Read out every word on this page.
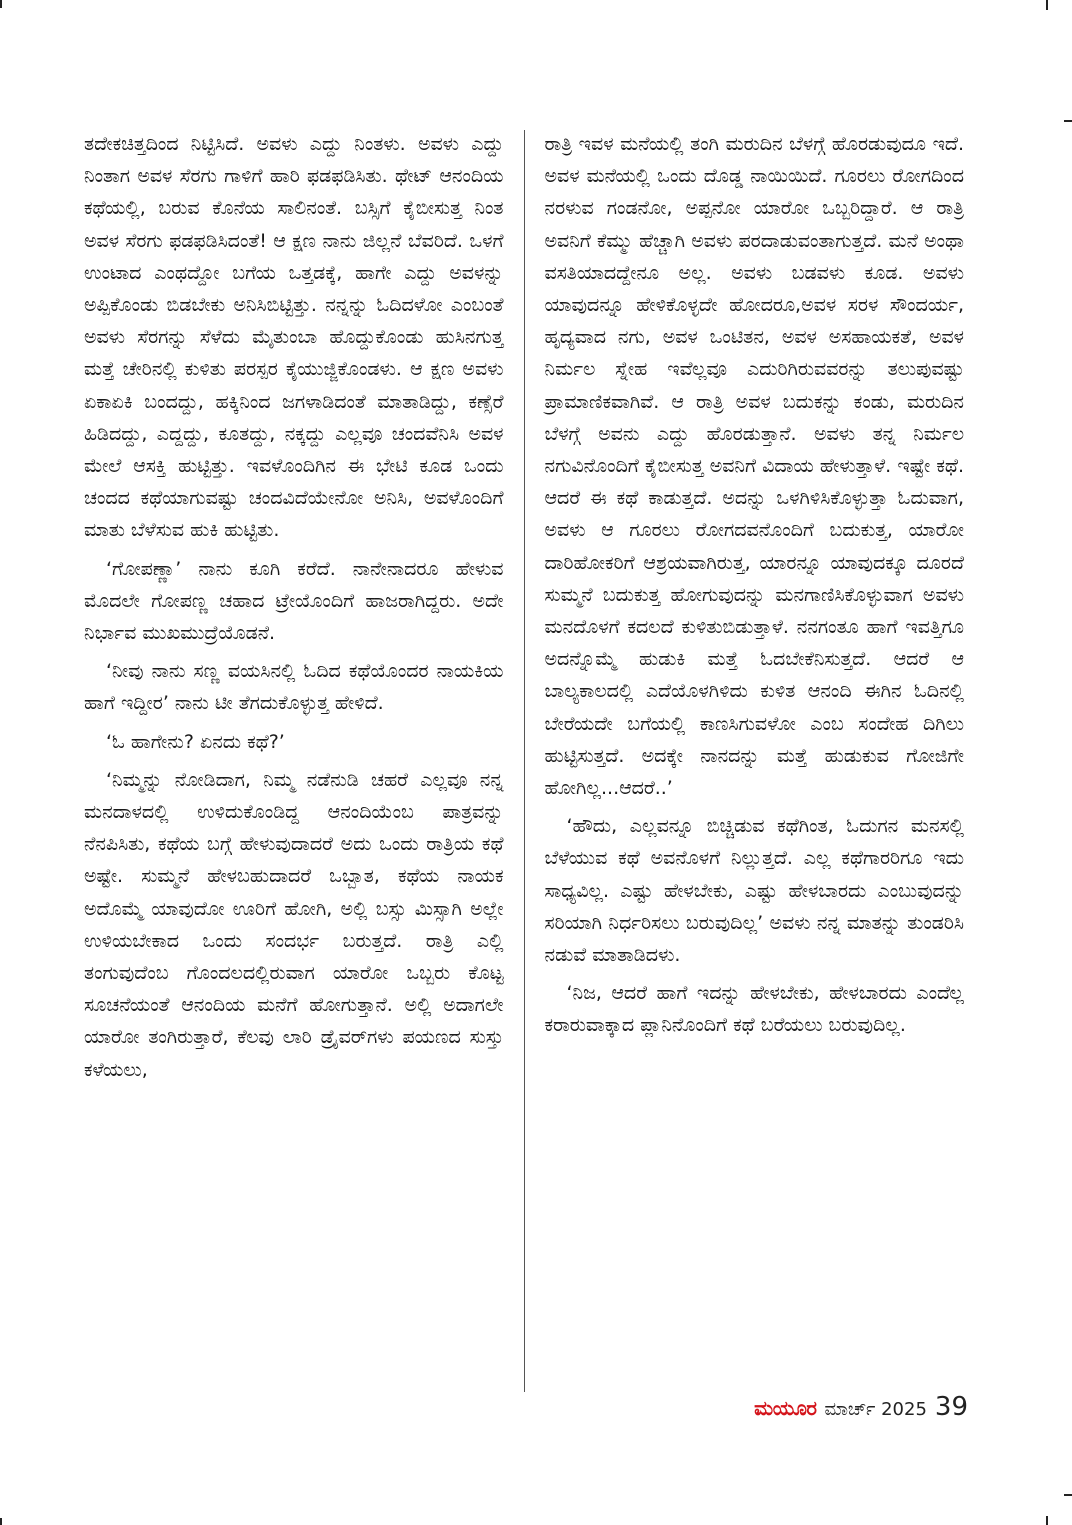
ತದೇಕಚಿತ್ತದಿಂದ ನಿಟ್ಟಿಸಿದೆ. ಅವಳು ಎದ್ದು ನಿಂತಳು. ಅವಳು ಎದ್ದು ನಿಂತಾಗ ಅವಳ ಸೆರಗು ಗಾಳಿಗೆ ಹಾರಿ ಫಡಫಡಿಸಿತು. ಥೇಟ್ ಆನಂದಿಯ ಕಥೆಯಲ್ಲಿ, ಬರುವ ಕೊನೆಯ ಸಾಲಿನಂತೆ. ಬಸ್ಸಿಗೆ ಕೈಬೀಸುತ್ತ ನಿಂತ ಅವಳ ಸೆರಗು ಫಡಫಡಿಸಿದಂತೆ! ಆ ಕ್ಷಣ ನಾನು ಜಿಲ್ಲನೆ ಬೆವರಿದೆ. ಒಳಗೆ ಉಂಟಾದ ಎಂಥದ್ದೋ ಬಗೆಯ ಒತ್ತಡಕ್ಕೆ, ಹಾಗೇ ಎದ್ದು ಅವಳನ್ನು ಅಪ್ಪಿಕೊಂಡು ಬಿಡಬೇಕು ಅನಿಸಿಬಿಟ್ಟಿತ್ತು. ನನ್ನನ್ನು ಓದಿದಳೋ ಎಂಬಂತೆ ಅವಳು ಸೆರಗನ್ನು ಸೆಳೆದು ಮೈತುಂಬಾ ಹೊದ್ದುಕೊಂಡು ಹುಸಿನಗುತ್ತ ಮತ್ತೆ ಚೇರಿನಲ್ಲಿ ಕುಳಿತು ಪರಸ್ಪರ ಕೈಯುಜ್ಜಿಕೊಂಡಳು. ಆ ಕ್ಷಣ ಅವಳು ಏಕಾಏಕಿ ಬಂದದ್ದು, ಹಕ್ಕಿನಿಂದ ಜಗಳಾಡಿದಂತೆ ಮಾತಾಡಿದ್ದು, ಕಣ್ಸೆರೆ ಹಿಡಿದದ್ದು, ಎದ್ದದ್ದು, ಕೂತದ್ದು, ನಕ್ಕದ್ದು ಎಲ್ಲವೂ ಚಂದವೆನಿಸಿ ಅವಳ ಮೇಲೆ ಆಸಕ್ತಿ ಹುಟ್ಟಿತ್ತು. ಇವಳೊಂದಿಗಿನ ಈ ಭೇಟಿ ಕೂಡ ಒಂದು ಚಂದದ ಕಥೆಯಾಗುವಷ್ಟು ಚಂದವಿದೆಯೇನೋ ಅನಿಸಿ, ಅವಳೊಂದಿಗೆ ಮಾತು ಬೆಳೆಸುವ ಹುಕಿ ಹುಟ್ಟಿತು.

‘ಗೋಪಣ್ಣಾ’ ನಾನು ಕೂಗಿ ಕರೆದೆ. ನಾನೇನಾದರೂ ಹೇಳುವ ಮೊದಲೇ ಗೋಪಣ್ಣ ಚಹಾದ ಟ್ರೇಯೊಂದಿಗೆ ಹಾಜರಾಗಿದ್ದರು. ಅದೇ ನಿರ್ಭಾವ ಮುಖಮುದ್ರೆಯೊಡನೆ.

‘ನೀವು ನಾನು ಸಣ್ಣ ವಯಸಿನಲ್ಲಿ ಓದಿದ ಕಥೆಯೊಂದರ ನಾಯಕಿಯ ಹಾಗೆ ಇದ್ದೀರ’ ನಾನು ಟೀ ತೆಗದುಕೊಳ್ಳುತ್ತ ಹೇಳಿದೆ.

‘ಓ ಹಾಗೇನು? ಏನದು ಕಥೆ?’

‘ನಿಮ್ಮನ್ನು ನೋಡಿದಾಗ, ನಿಮ್ಮ ನಡೆನುಡಿ ಚಹರೆ ಎಲ್ಲವೂ ನನ್ನ ಮನದಾಳದಲ್ಲಿ ಉಳಿದುಕೊಂಡಿದ್ದ ಆನಂದಿಯೆಂಬ ಪಾತ್ರವನ್ನು ನೆನಪಿಸಿತು, ಕಥೆಯ ಬಗ್ಗೆ ಹೇಳುವುದಾದರೆ ಅದು ಒಂದು ರಾತ್ರಿಯ ಕಥೆ ಅಷ್ಟೇ. ಸುಮ್ಮನೆ ಹೇಳಬಹುದಾದರೆ ಒಬ್ಬಾತ, ಕಥೆಯ ನಾಯಕ ಅದೊಮ್ಮೆ ಯಾವುದೋ ಊರಿಗೆ ಹೋಗಿ, ಅಲ್ಲಿ ಬಸ್ಸು ಮಿಸ್ಸಾಗಿ ಅಲ್ಲೇ ಉಳಿಯಬೇಕಾದ ಒಂದು ಸಂದರ್ಭ ಬರುತ್ತದೆ. ರಾತ್ರಿ ಎಲ್ಲಿ ತಂಗುವುದೆಂಬ ಗೊಂದಲದಲ್ಲಿರುವಾಗ ಯಾರೋ ಒಬ್ಬರು ಕೊಟ್ಟ ಸೂಚನೆಯಂತೆ ಆನಂದಿಯ ಮನೆಗೆ ಹೋಗುತ್ತಾನೆ. ಅಲ್ಲಿ ಅದಾಗಲೇ ಯಾರೋ ತಂಗಿರುತ್ತಾರೆ, ಕೆಲವು ಲಾರಿ ಡ್ರೈವರ್‌ಗಳು ಪಯಣದ ಸುಸ್ತು ಕಳೆಯಲು,

ರಾತ್ರಿ ಇವಳ ಮನೆಯಲ್ಲಿ ತಂಗಿ ಮರುದಿನ ಬೆಳಗ್ಗೆ ಹೊರಡುವುದೂ ಇದೆ. ಅವಳ ಮನೆಯಲ್ಲಿ ಒಂದು ದೊಡ್ಡ ನಾಯಿಯಿದೆ. ಗೂರಲು ರೋಗದಿಂದ ನರಳುವ ಗಂಡನೋ, ಅಪ್ಪನೋ ಯಾರೋ ಒಬ್ಬರಿದ್ದಾರೆ. ಆ ರಾತ್ರಿ ಅವನಿಗೆ ಕೆಮ್ಮು ಹೆಚ್ಚಾಗಿ ಅವಳು ಪರದಾಡುವಂತಾಗುತ್ತದೆ. ಮನೆ ಅಂಥಾ ವಸತಿಯಾದದ್ದೇನೂ ಅಲ್ಲ. ಅವಳು ಬಡವಳು ಕೂಡ. ಅವಳು ಯಾವುದನ್ನೂ ಹೇಳಿಕೊಳ್ಳದೇ ಹೋದರೂ,ಅವಳ ಸರಳ ಸೌಂದರ್ಯ, ಹೃದ್ಯವಾದ ನಗು, ಅವಳ ಒಂಟಿತನ, ಅವಳ ಅಸಹಾಯಕತೆ, ಅವಳ ನಿರ್ಮಲ ಸ್ನೇಹ ಇವೆಲ್ಲವೂ ಎದುರಿಗಿರುವವರನ್ನು ತಲುಪುವಷ್ಟು ಪ್ರಾಮಾಣಿಕವಾಗಿವೆ. ಆ ರಾತ್ರಿ ಅವಳ ಬದುಕನ್ನು ಕಂಡು, ಮರುದಿನ ಬೆಳಗ್ಗೆ ಅವನು ಎದ್ದು ಹೊರಡುತ್ತಾನೆ. ಅವಳು ತನ್ನ ನಿರ್ಮಲ ನಗುವಿನೊಂದಿಗೆ ಕೈಬೀಸುತ್ತ ಅವನಿಗೆ ವಿದಾಯ ಹೇಳುತ್ತಾಳೆ. ಇಷ್ಟೇ ಕಥೆ. ಆದರೆ ಈ ಕಥೆ ಕಾಡುತ್ತದೆ. ಅದನ್ನು ಒಳಗಿಳಿಸಿಕೊಳ್ಳುತ್ತಾ ಓದುವಾಗ, ಅವಳು ಆ ಗೂರಲು ರೋಗದವನೊಂದಿಗೆ ಬದುಕುತ್ತ, ಯಾರೋ ದಾರಿಹೋಕರಿಗೆ ಆಶ್ರಯವಾಗಿರುತ್ತ, ಯಾರನ್ನೂ ಯಾವುದಕ್ಕೂ ದೂರದೆ ಸುಮ್ಮನೆ ಬದುಕುತ್ತ ಹೋಗುವುದನ್ನು ಮನಗಾಣಿಸಿಕೊಳ್ಳುವಾಗ ಅವಳು ಮನದೊಳಗೆ ಕದಲದೆ ಕುಳಿತುಬಿಡುತ್ತಾಳೆ. ನನಗಂತೂ ಹಾಗೆ ಇವತ್ತಿಗೂ ಅದನ್ನೊಮ್ಮೆ ಹುಡುಕಿ ಮತ್ತೆ ಓದಬೇಕೆನಿಸುತ್ತದೆ. ಆದರೆ ಆ ಬಾಲ್ಯಕಾಲದಲ್ಲಿ ಎದೆಯೊಳಗಿಳಿದು ಕುಳಿತ ಆನಂದಿ ಈಗಿನ ಓದಿನಲ್ಲಿ ಬೇರೆಯದೇ ಬಗೆಯಲ್ಲಿ ಕಾಣಸಿಗುವಳೋ ಎಂಬ ಸಂದೇಹ ದಿಗಿಲು ಹುಟ್ಟಿಸುತ್ತದೆ. ಅದಕ್ಕೇ ನಾನದನ್ನು ಮತ್ತೆ ಹುಡುಕುವ ಗೋಜಿಗೇ ಹೋಗಿಲ್ಲ...ಆದರೆ..’

‘ಹೌದು, ಎಲ್ಲವನ್ನೂ ಬಿಚ್ಚಿಡುವ ಕಥೆಗಿಂತ, ಓದುಗನ ಮನಸಲ್ಲಿ ಬೆಳೆಯುವ ಕಥೆ ಅವನೊಳಗೆ ನಿಲ್ಲುತ್ತದೆ. ಎಲ್ಲ ಕಥೆಗಾರರಿಗೂ ಇದು ಸಾಧ್ಯವಿಲ್ಲ. ಎಷ್ಟು ಹೇಳಬೇಕು, ಎಷ್ಟು ಹೇಳಬಾರದು ಎಂಬುವುದನ್ನು ಸರಿಯಾಗಿ ನಿರ್ಧರಿಸಲು ಬರುವುದಿಲ್ಲ’ ಅವಳು ನನ್ನ ಮಾತನ್ನು ತುಂಡರಿಸಿ ನಡುವೆ ಮಾತಾಡಿದಳು.

‘ನಿಜ, ಆದರೆ ಹಾಗೆ ಇದನ್ನು ಹೇಳಬೇಕು, ಹೇಳಬಾರದು ಎಂದೆಲ್ಲ ಕರಾರುವಾಕ್ಕಾದ ಪ್ಲಾನಿನೊಂದಿಗೆ ಕಥೆ ಬರೆಯಲು ಬರುವುದಿಲ್ಲ.

ಮಯೂರ ಮಾರ್ಚ್ 2025 39
